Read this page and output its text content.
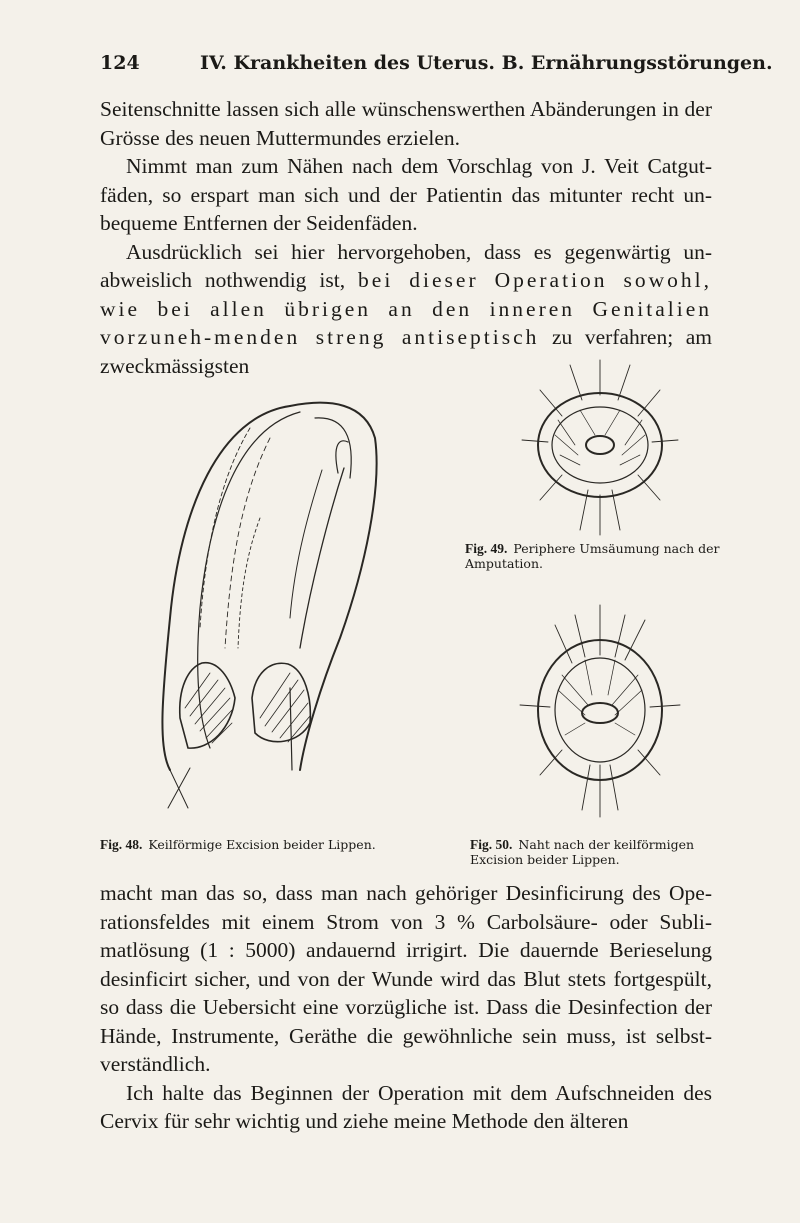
124	IV. Krankheiten des Uterus. B. Ernährungsstörungen.

Seitenschnitte lassen sich alle wünschenswerthen Abänderungen in der Grösse des neuen Muttermundes erzielen.

Nimmt man zum Nähen nach dem Vorschlag von J. Veit Catgut-fäden, so erspart man sich und der Patientin das mitunter recht un-bequeme Entfernen der Seidenfäden.

Ausdrücklich sei hier hervorgehoben, dass es gegenwärtig un-abweislich nothwendig ist, bei dieser Operation sowohl, wie bei allen übrigen an den inneren Genitalien vorzuneh-menden streng antiseptisch zu verfahren; am zweckmässigsten

Fig. 48. Keilförmige Excision beider Lippen.
Fig. 49. Periphere Umsäumung nach der Amputation.
Fig. 50. Naht nach der keilförmigen Excision beider Lippen.

macht man das so, dass man nach gehöriger Desinficirung des Ope-rationsfeldes mit einem Strom von 3 % Carbolsäure- oder Subli-matlösung (1 : 5000) andauernd irrigirt. Die dauernde Berieselung desinficirt sicher, und von der Wunde wird das Blut stets fortgespült, so dass die Uebersicht eine vorzügliche ist. Dass die Desinfection der Hände, Instrumente, Geräthe die gewöhnliche sein muss, ist selbst-verständlich.

Ich halte das Beginnen der Operation mit dem Aufschneiden des Cervix für sehr wichtig und ziehe meine Methode den älteren
